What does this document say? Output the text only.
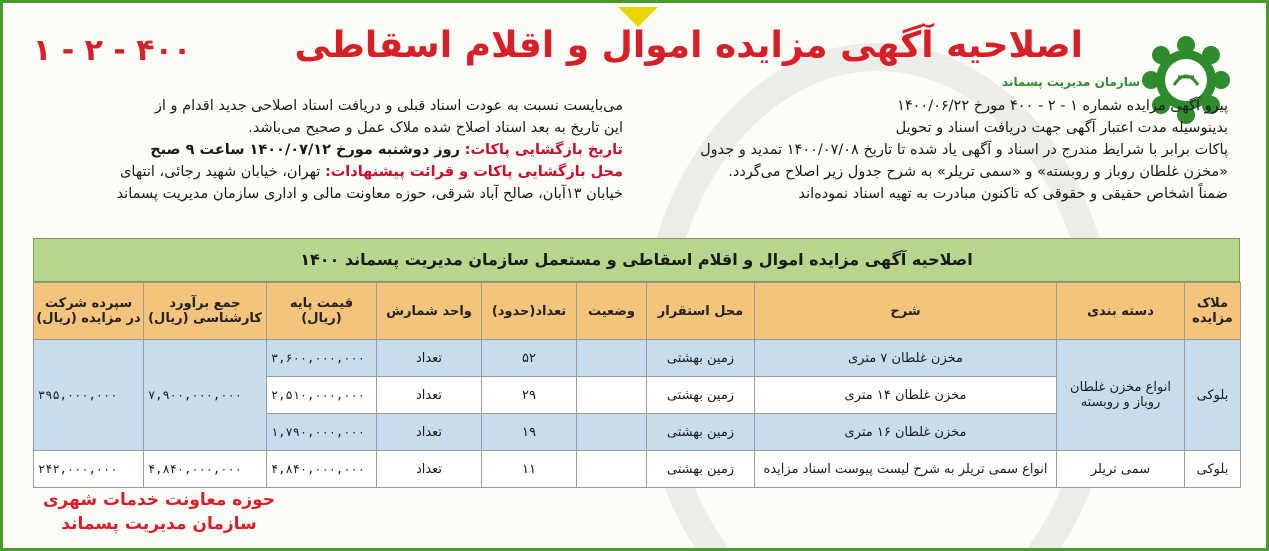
سازمان مدیریت پسماند
اصلاحیه آگهی مزایده اموال و اقلام اسقاطی
۱ - ۲ - ۴۰۰
پیرو آگهی مزایده شماره ۱ - ۲ - ۴۰۰ مورخ ۱۴۰۰/۰۶/۲۲
بدینوسیله مدت اعتبار آگهی جهت دریافت اسناد و تحویل
پاکات برابر با شرایط مندرج در اسناد و آگهی یاد شده تا تاریخ ۱۴۰۰/۰۷/۰۸ تمدید و جدول
«مخزن غلطان روباز و روبسته» و «سمی تریلر» به شرح جدول زیر اصلاح می‌گردد.
ضمناً اشخاص حقیقی و حقوقی که تاکنون مبادرت به تهیه اسناد نموده‌اند
می‌بایست نسبت به عودت اسناد قبلی و دریافت اسناد اصلاحی جدید اقدام و از
این تاریخ به بعد اسناد اصلاح شده ملاک عمل و صحیح می‌باشد.
تاریخ بازگشایی پاکات: روز دوشنبه مورخ ۱۴۰۰/۰۷/۱۲ ساعت ۹ صبح
محل بازگشایی پاکات و قرائت پیشنهادات: تهران، خیابان شهید رجائی، انتهای
خیابان ۱۳آبان، صالح آباد شرقی، حوزه معاونت مالی و اداری سازمان مدیریت پسماند
اصلاحیه آگهی مزایده اموال و اقلام اسقاطی و مستعمل سازمان مدیریت پسماند ۱۴۰۰
ملاک مزایده	دسته بندی	شرح	محل استقرار	وضعیت	تعداد(حدود)	واحد شمارش	قیمت پایه (ریال)	جمع برآورد کارشناسی (ریال)	سپرده شرکت در مزایده (ریال)
بلوکی	انواع مخزن غلطان روباز و روبسته	مخزن غلطان ۷ متری	زمین بهشتی		۵۲	تعداد	۳,۶۰۰,۰۰۰,۰۰۰	۷,۹۰۰,۰۰۰,۰۰۰	۳۹۵,۰۰۰,۰۰۰
		مخزن غلطان ۱۴ متری	زمین بهشتی		۲۹	تعداد	۲,۵۱۰,۰۰۰,۰۰۰		
		مخزن غلطان ۱۶ متری	زمین بهشتی		۱۹	تعداد	۱,۷۹۰,۰۰۰,۰۰۰		
بلوکی	سمی تریلر	انواع سمی تریلر به شرح لیست پیوست اسناد مزایده	زمین بهشتی		۱۱	تعداد	۴,۸۴۰,۰۰۰,۰۰۰	۴,۸۴۰,۰۰۰,۰۰۰	۲۴۲,۰۰۰,۰۰۰
حوزه معاونت خدمات شهری
سازمان مدیریت پسماند
